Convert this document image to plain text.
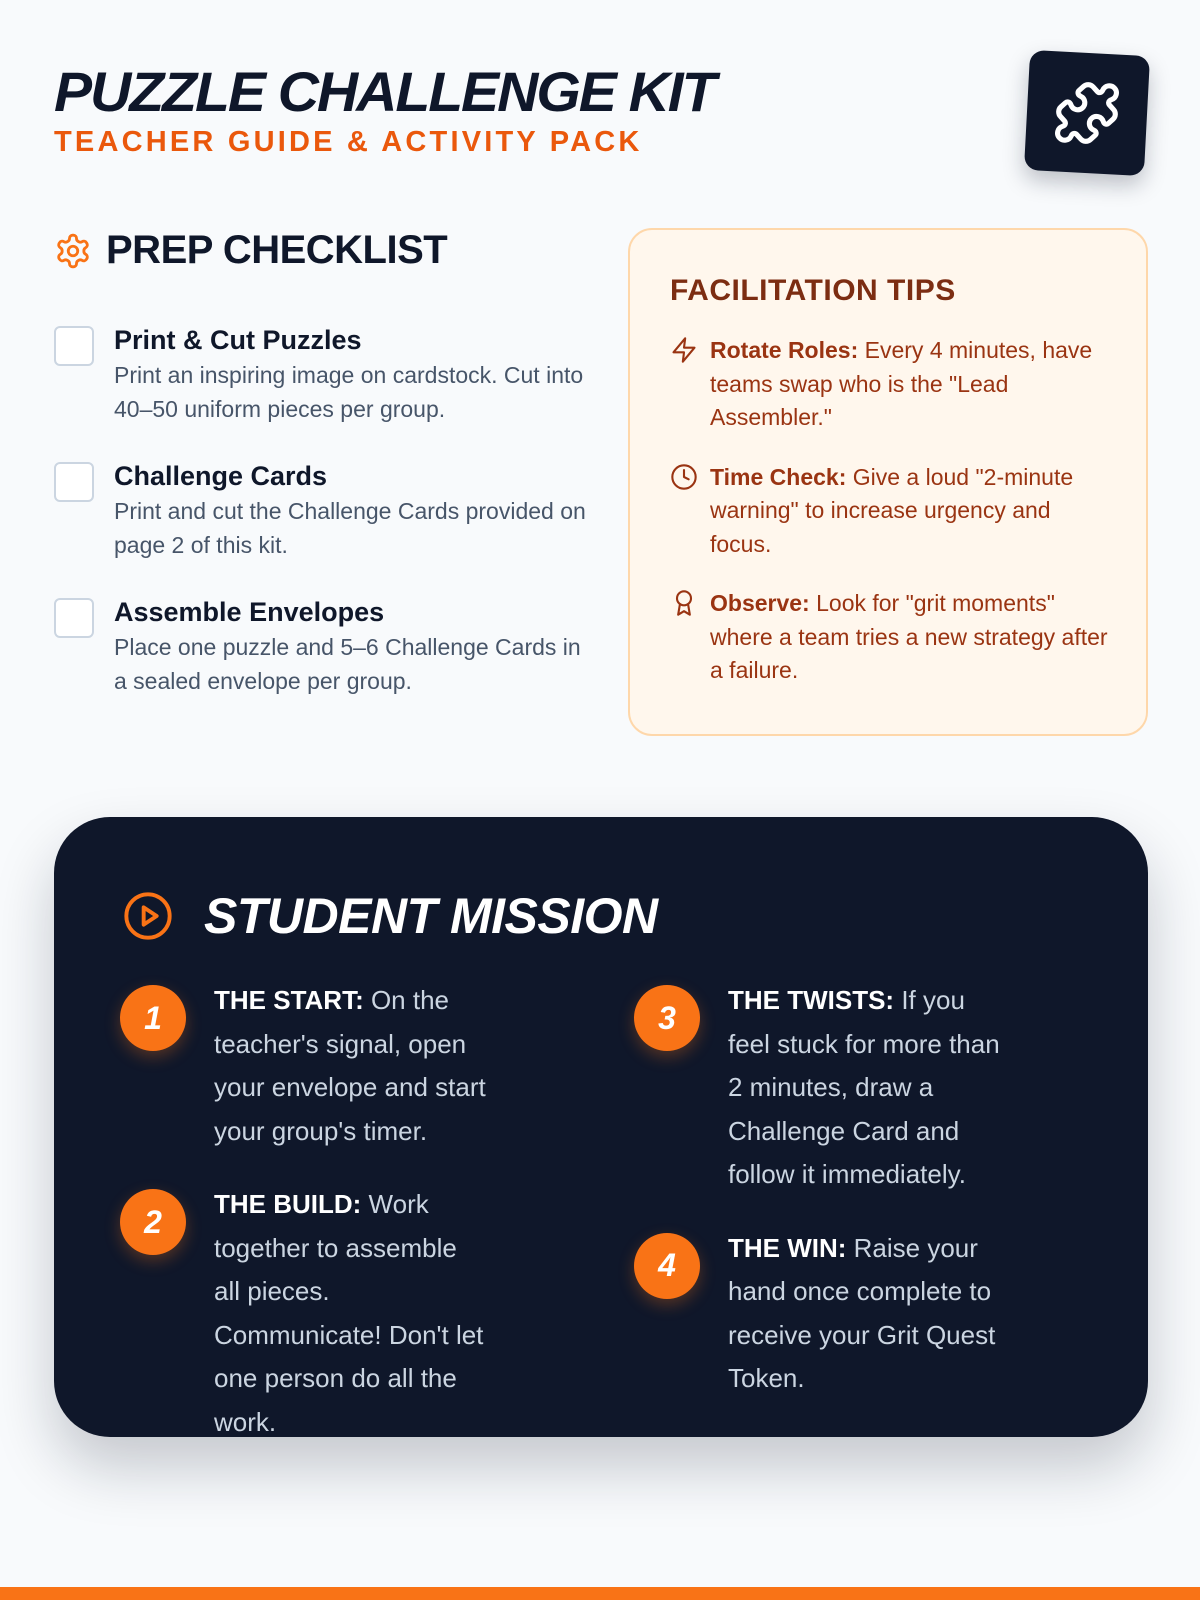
PUZZLE CHALLENGE KIT
TEACHER GUIDE & ACTIVITY PACK
PREP CHECKLIST
Print & Cut Puzzles
Print an inspiring image on cardstock. Cut into 40–50 uniform pieces per group.
Challenge Cards
Print and cut the Challenge Cards provided on page 2 of this kit.
Assemble Envelopes
Place one puzzle and 5–6 Challenge Cards in a sealed envelope per group.
FACILITATION TIPS
Rotate Roles: Every 4 minutes, have teams swap who is the "Lead Assembler."
Time Check: Give a loud "2-minute warning" to increase urgency and focus.
Observe: Look for "grit moments" where a team tries a new strategy after a failure.
STUDENT MISSION
1	THE START: On the teacher's signal, open your envelope and start your group's timer.
2	THE BUILD: Work together to assemble all pieces. Communicate! Don't let one person do all the work.
3	THE TWISTS: If you feel stuck for more than 2 minutes, draw a Challenge Card and follow it immediately.
4	THE WIN: Raise your hand once complete to receive your Grit Quest Token.
